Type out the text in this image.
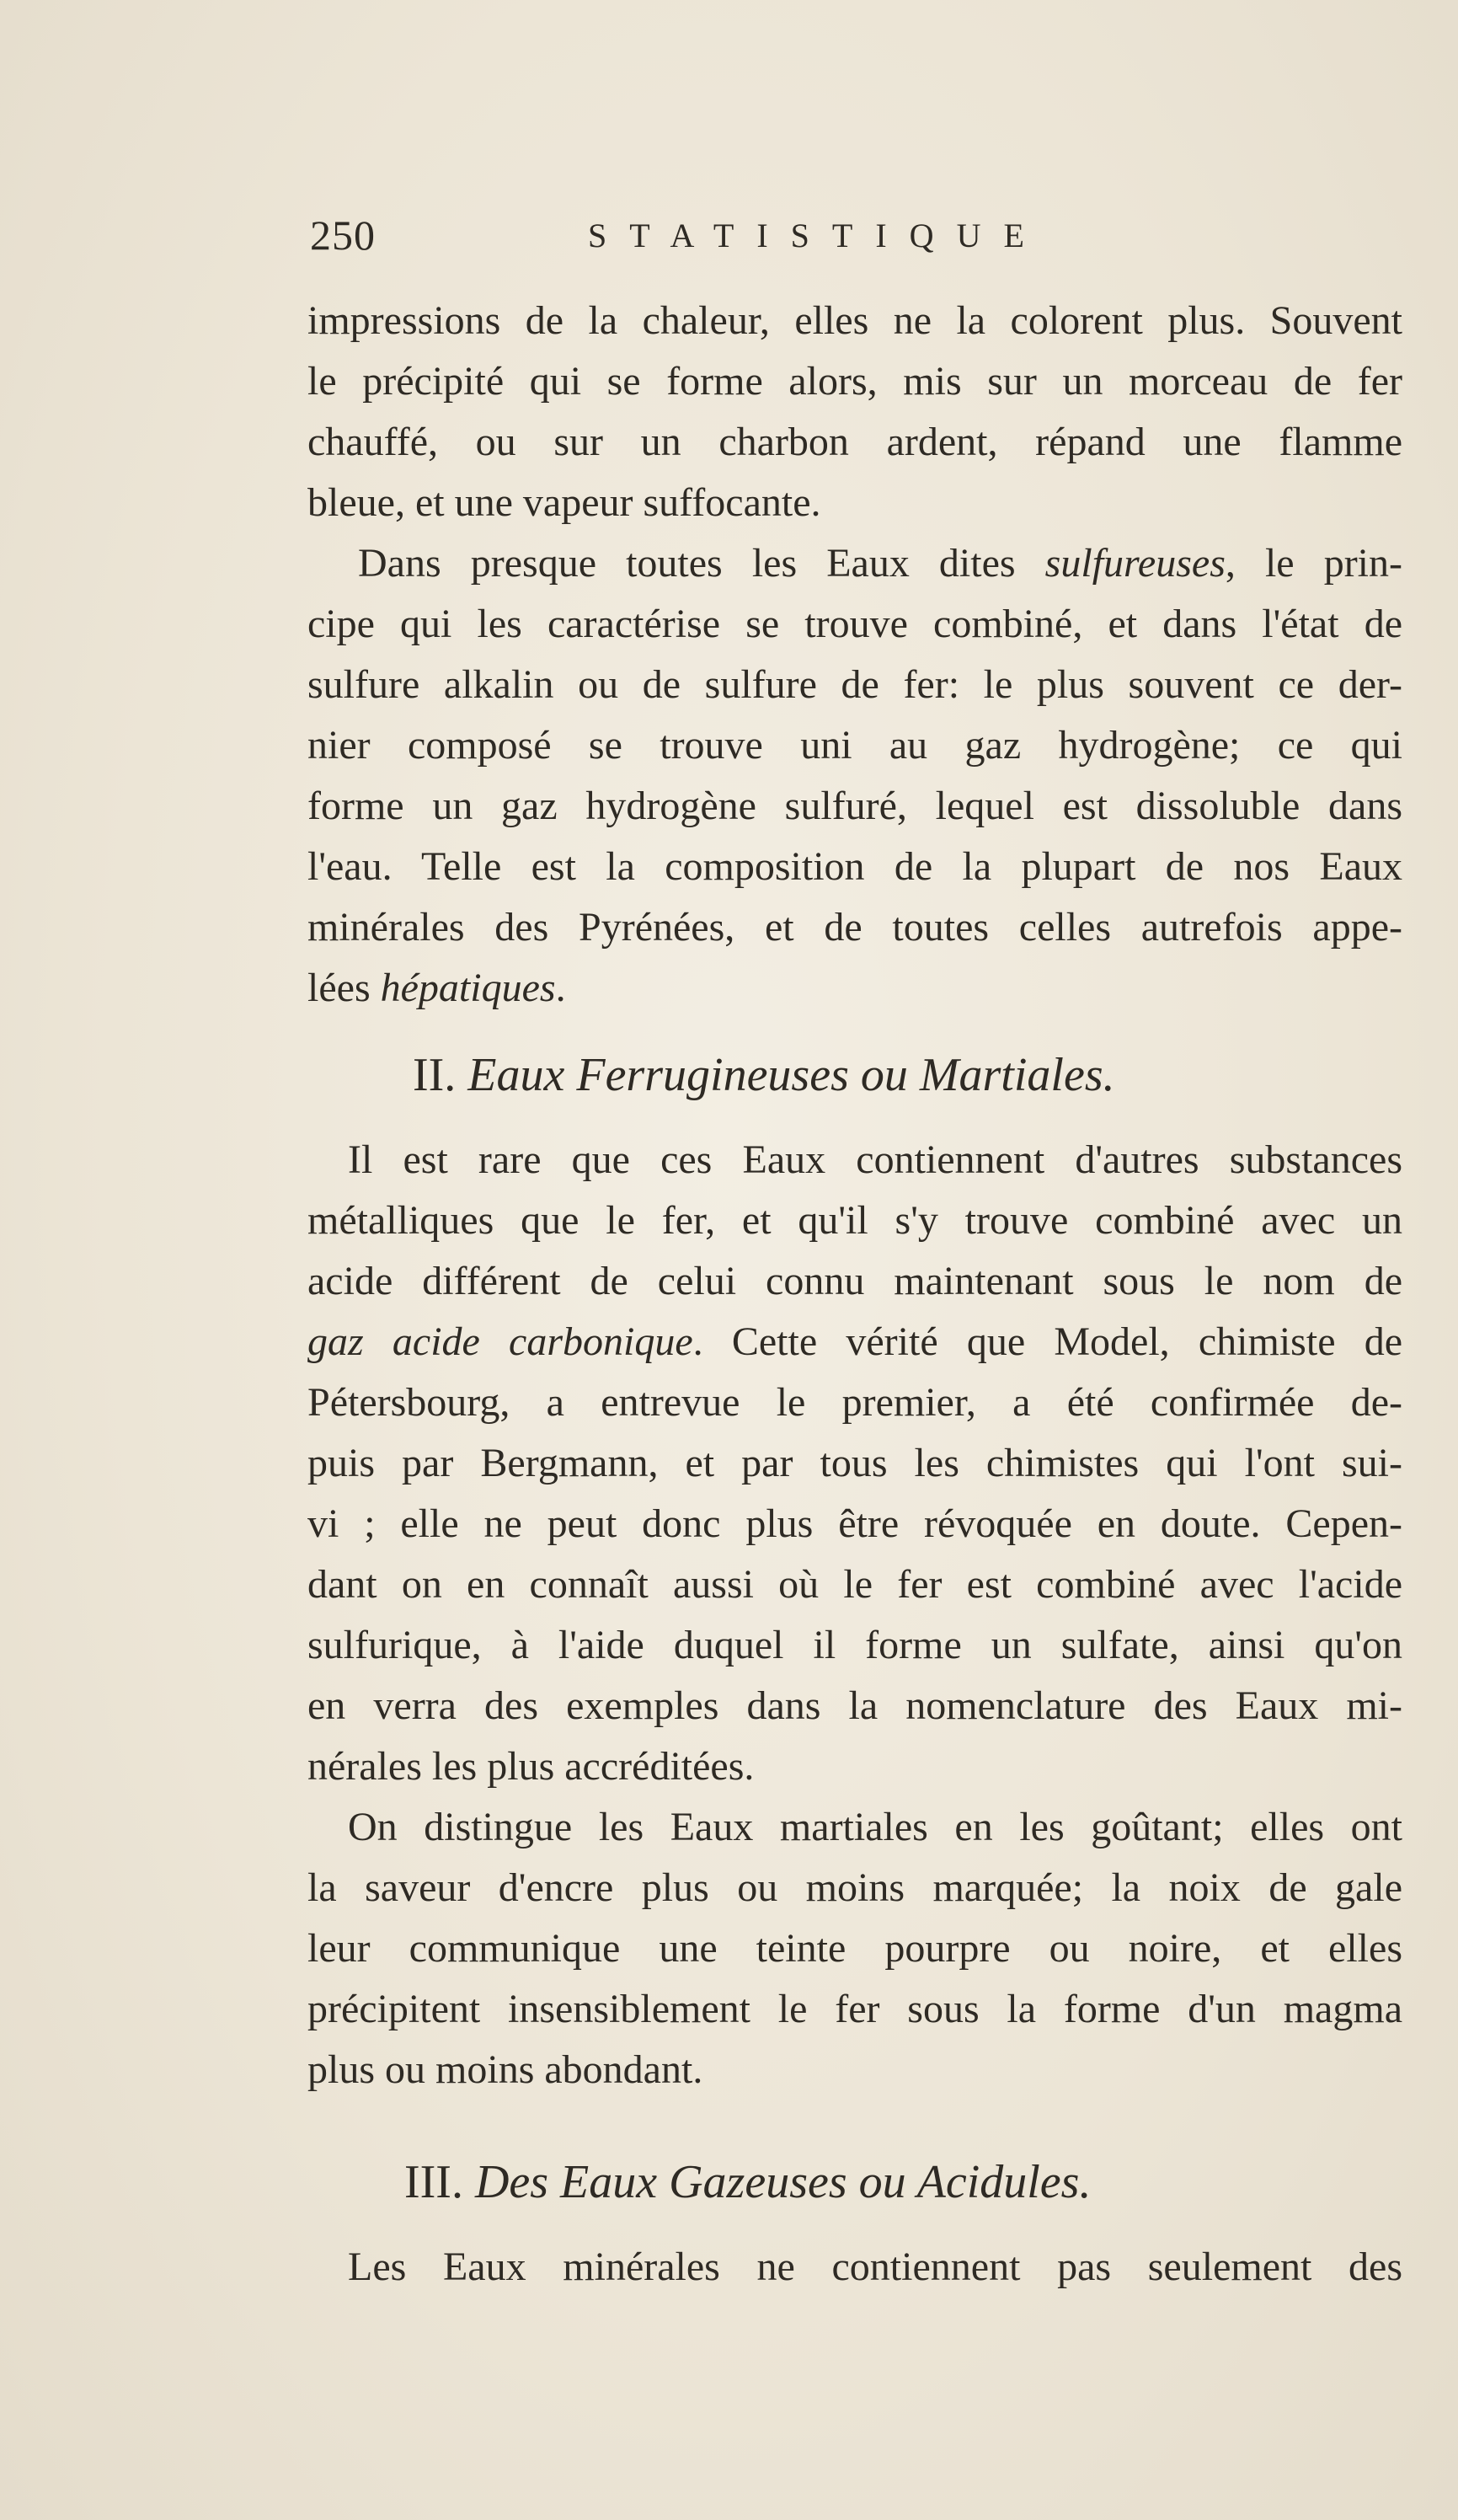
250	STATISTIQUE
impressions de la chaleur, elles ne la colorent plus. Souvent
le précipité qui se forme alors, mis sur un morceau de fer
chauffé, ou sur un charbon ardent, répand une flamme
bleue, et une vapeur suffocante.
Dans presque toutes les Eaux dites sulfureuses, le prin-
cipe qui les caractérise se trouve combiné, et dans l'état de
sulfure alkalin ou de sulfure de fer: le plus souvent ce der-
nier composé se trouve uni au gaz hydrogène; ce qui
forme un gaz hydrogène sulfuré, lequel est dissoluble dans
l'eau. Telle est la composition de la plupart de nos Eaux
minérales des Pyrénées, et de toutes celles autrefois appe-
lées hépatiques.
II. Eaux Ferrugineuses ou Martiales.
Il est rare que ces Eaux contiennent d'autres substances
métalliques que le fer, et qu'il s'y trouve combiné avec un
acide différent de celui connu maintenant sous le nom de
gaz acide carbonique. Cette vérité que Model, chimiste de
Pétersbourg, a entrevue le premier, a été confirmée de-
puis par Bergmann, et par tous les chimistes qui l'ont sui-
vi ; elle ne peut donc plus être révoquée en doute. Cepen-
dant on en connaît aussi où le fer est combiné avec l'acide
sulfurique, à l'aide duquel il forme un sulfate, ainsi qu'on
en verra des exemples dans la nomenclature des Eaux mi-
nérales les plus accréditées.
On distingue les Eaux martiales en les goûtant; elles ont
la saveur d'encre plus ou moins marquée; la noix de gale
leur communique une teinte pourpre ou noire, et elles
précipitent insensiblement le fer sous la forme d'un magma
plus ou moins abondant.
III. Des Eaux Gazeuses ou Acidules.
Les Eaux minérales ne contiennent pas seulement des
